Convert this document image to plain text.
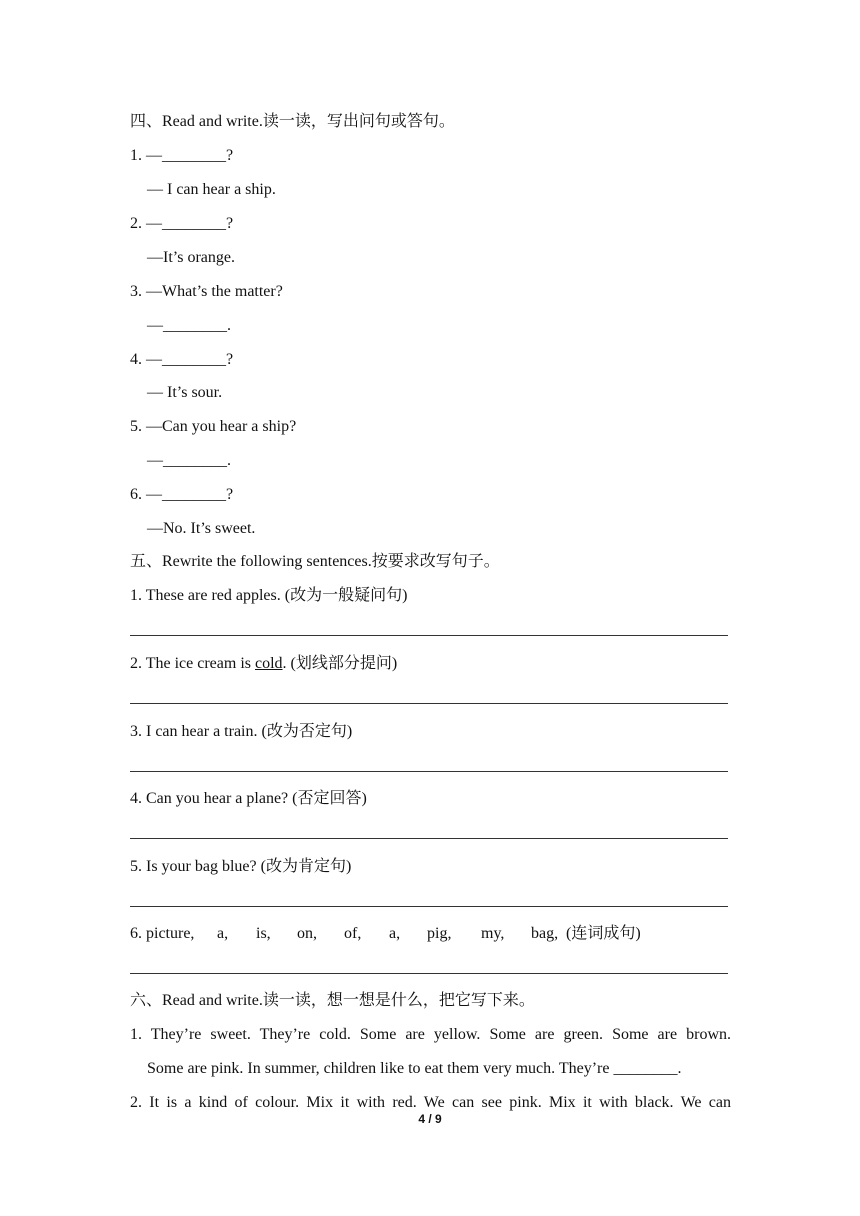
四、Read and write.读一读，写出问句或答句。
1. —________?
— I can hear a ship.
2. —________?
—It’s orange.
3. —What’s the matter?
—________.
4. —________?
— It’s sour.
5. —Can you hear a ship?
—________.
6. —________?
—No. It’s sweet.
五、Rewrite the following sentences.按要求改写句子。
1. These are red apples. (改为一般疑问句)
2. The ice cream is cold. (划线部分提问)
3. I can hear a train. (改为否定句)
4. Can you hear a plane? (否定回答)
5. Is your bag blue? (改为肯定句)
6. picture, a, is, on, of, a, pig, my, bag, (连词成句)
六、Read and write.读一读，想一想是什么，把它写下来。
1. They’re sweet. They’re cold. Some are yellow. Some are green. Some are brown.
Some are pink. In summer, children like to eat them very much. They’re ________.
2. It is a kind of colour. Mix it with red. We can see pink. Mix it with black. We can
4 / 9
